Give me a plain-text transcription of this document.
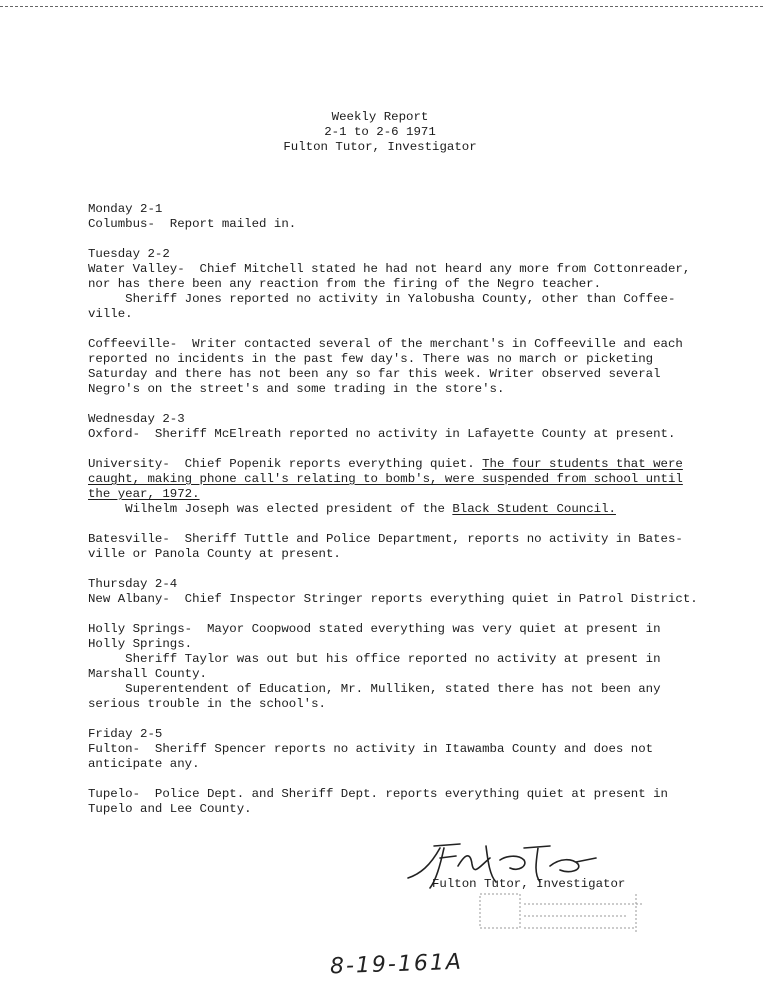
Weekly Report
2-1 to 2-6 1971
Fulton Tutor, Investigator
Monday 2-1
Columbus-  Report mailed in.
Tuesday 2-2
Water Valley-  Chief Mitchell stated he had not heard any more from Cottonreader,
nor has there been any reaction from the firing of the Negro teacher.
Sheriff Jones reported no activity in Yalobusha County, other than Coffee-
ville.
Coffeeville-  Writer contacted several of the merchant's in Coffeeville and each
reported no incidents in the past few day's. There was no march or picketing
Saturday and there has not been any so far this week. Writer observed several
Negro's on the street's and some trading in the store's.
Wednesday 2-3
Oxford-  Sheriff McElreath reported no activity in Lafayette County at present.
University-  Chief Popenik reports everything quiet. The four students that were
caught, making phone call's relating to bomb's, were suspended from school until
the year, 1972.
Wilhelm Joseph was elected president of the Black Student Council.
Batesville-  Sheriff Tuttle and Police Department, reports no activity in Bates-
ville or Panola County at present.
Thursday 2-4
New Albany-  Chief Inspector Stringer reports everything quiet in Patrol District.
Holly Springs-  Mayor Coopwood stated everything was very quiet at present in
Holly Springs.
Sheriff Taylor was out but his office reported no activity at present in
Marshall County.
Superentendent of Education, Mr. Mulliken, stated there has not been any
serious trouble in the school's.
Friday 2-5
Fulton-  Sheriff Spencer reports no activity in Itawamba County and does not
anticipate any.
Tupelo-  Police Dept. and Sheriff Dept. reports everything quiet at present in
Tupelo and Lee County.
Fulton Tutor, Investigator
8-19-161A
